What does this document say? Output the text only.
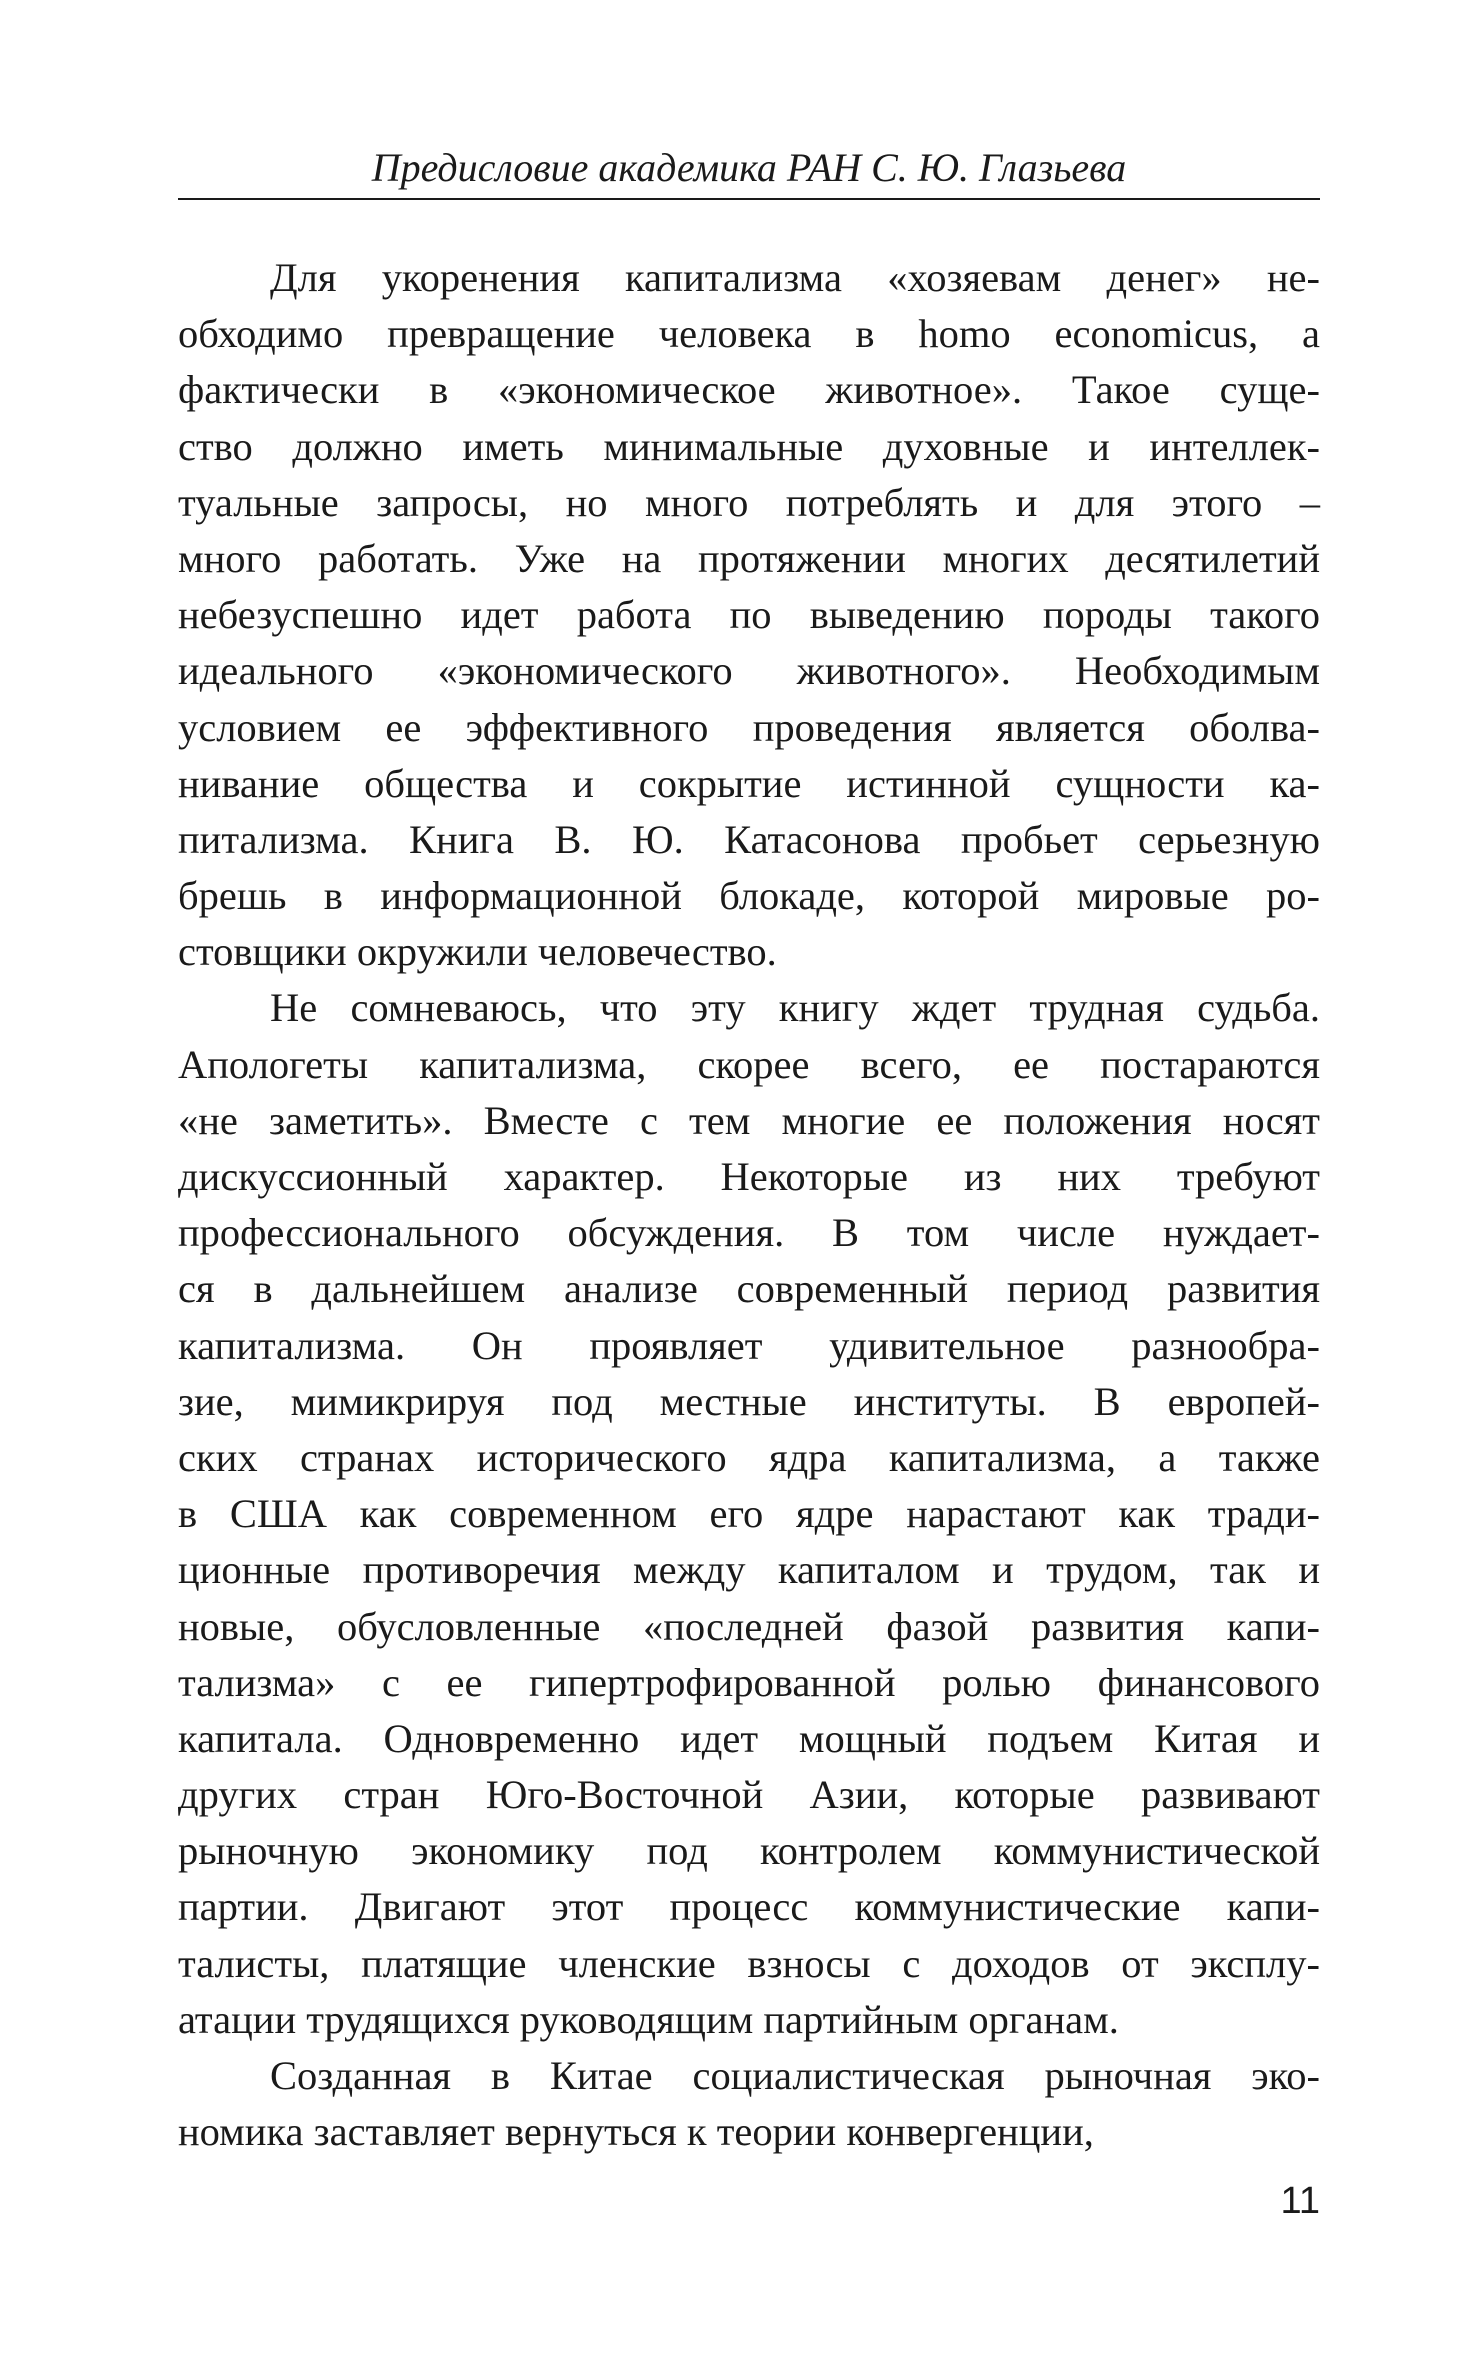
Предисловие академика РАН С. Ю. Глазьева
Для укоренения капитализма «хозяевам денег» не-
обходимо превращение человека в homo economicus, а
фактически в «экономическое животное». Такое суще-
ство должно иметь минимальные духовные и интеллек-
туальные запросы, но много потреблять и для этого –
много работать. Уже на протяжении многих десятилетий
небезуспешно идет работа по выведению породы такого
идеального «экономического животного». Необходимым
условием ее эффективного проведения является оболва-
нивание общества и сокрытие истинной сущности ка-
питализма. Книга В. Ю. Катасонова пробьет серьезную
брешь в информационной блокаде, которой мировые ро-
стовщики окружили человечество.
Не сомневаюсь, что эту книгу ждет трудная судьба.
Апологеты капитализма, скорее всего, ее постараются
«не заметить». Вместе с тем многие ее положения носят
дискуссионный характер. Некоторые из них требуют
профессионального обсуждения. В том числе нуждает-
ся в дальнейшем анализе современный период развития
капитализма. Он проявляет удивительное разнообра-
зие, мимикрируя под местные институты. В европей-
ских странах исторического ядра капитализма, а также
в США как современном его ядре нарастают как тради-
ционные противоречия между капиталом и трудом, так и
новые, обусловленные «последней фазой развития капи-
тализма» с ее гипертрофированной ролью финансового
капитала. Одновременно идет мощный подъем Китая и
других стран Юго-Восточной Азии, которые развивают
рыночную экономику под контролем коммунистической
партии. Двигают этот процесс коммунистические капи-
талисты, платящие членские взносы с доходов от эксплу-
атации трудящихся руководящим партийным органам.
Созданная в Китае социалистическая рыночная эко-
номика заставляет вернуться к теории конвергенции,
11
